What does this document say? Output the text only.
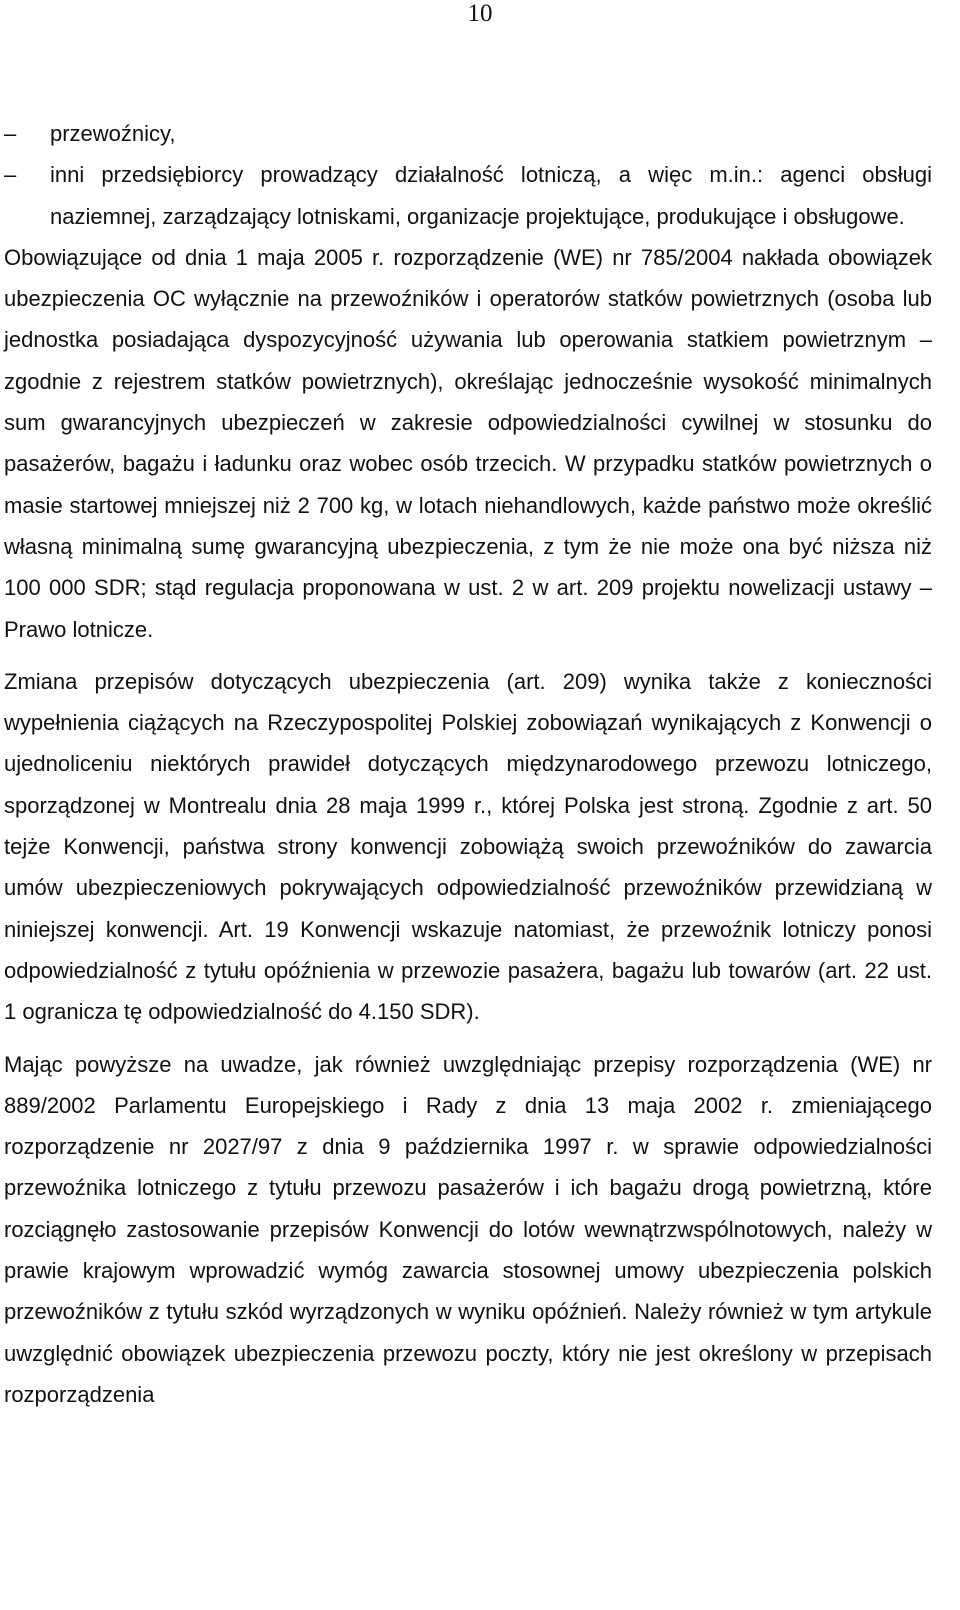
10
– przewoźnicy,
– inni przedsiębiorcy prowadzący działalność lotniczą, a więc m.in.: agenci obsługi naziemnej, zarządzający lotniskami, organizacje projektujące, produkujące i obsługowe.

Obowiązujące od dnia 1 maja 2005 r. rozporządzenie (WE) nr 785/2004 nakłada obowiązek ubezpieczenia OC wyłącznie na przewoźników i operatorów statków powietrznych (osoba lub jednostka posiadająca dyspozycyjność używania lub operowania statkiem powietrznym – zgodnie z rejestrem statków powietrznych), określając jednocześnie wysokość minimalnych sum gwarancyjnych ubezpieczeń w zakresie odpowiedzialności cywilnej w stosunku do pasażerów, bagażu i ładunku oraz wobec osób trzecich. W przypadku statków powietrznych o masie startowej mniejszej niż 2 700 kg, w lotach niehandlowych, każde państwo może określić własną minimalną sumę gwarancyjną ubezpieczenia, z tym że nie może ona być niższa niż 100 000 SDR; stąd regulacja proponowana w ust. 2 w art. 209 projektu nowelizacji ustawy – Prawo lotnicze.

Zmiana przepisów dotyczących ubezpieczenia (art. 209) wynika także z konieczności wypełnienia ciążących na Rzeczypospolitej Polskiej zobowiązań wynikających z Konwencji o ujednoliceniu niektórych prawideł dotyczących międzynarodowego przewozu lotniczego, sporządzonej w Montrealu dnia 28 maja 1999 r., której Polska jest stroną. Zgodnie z art. 50 tejże Konwencji, państwa strony konwencji zobowiążą swoich przewoźników do zawarcia umów ubezpieczeniowych pokrywających odpowiedzialność przewoźników przewidzianą w niniejszej konwencji. Art. 19 Konwencji wskazuje natomiast, że przewoźnik lotniczy ponosi odpowiedzialność z tytułu opóźnienia w przewozie pasażera, bagażu lub towarów (art. 22 ust. 1 ogranicza tę odpowiedzialność do 4.150 SDR).

Mając powyższe na uwadze, jak również uwzględniając przepisy rozporządzenia (WE) nr 889/2002 Parlamentu Europejskiego i Rady z dnia 13 maja 2002 r. zmieniającego rozporządzenie nr 2027/97 z dnia 9 października 1997 r. w sprawie odpowiedzialności przewoźnika lotniczego z tytułu przewozu pasażerów i ich bagażu drogą powietrzną, które rozciągnęło zastosowanie przepisów Konwencji do lotów wewnątrzwspólnotowych, należy w prawie krajowym wprowadzić wymóg zawarcia stosownej umowy ubezpieczenia polskich przewoźników z tytułu szkód wyrządzonych w wyniku opóźnień. Należy również w tym artykule uwzględnić obowiązek ubezpieczenia przewozu poczty, który nie jest określony w przepisach rozporządzenia
